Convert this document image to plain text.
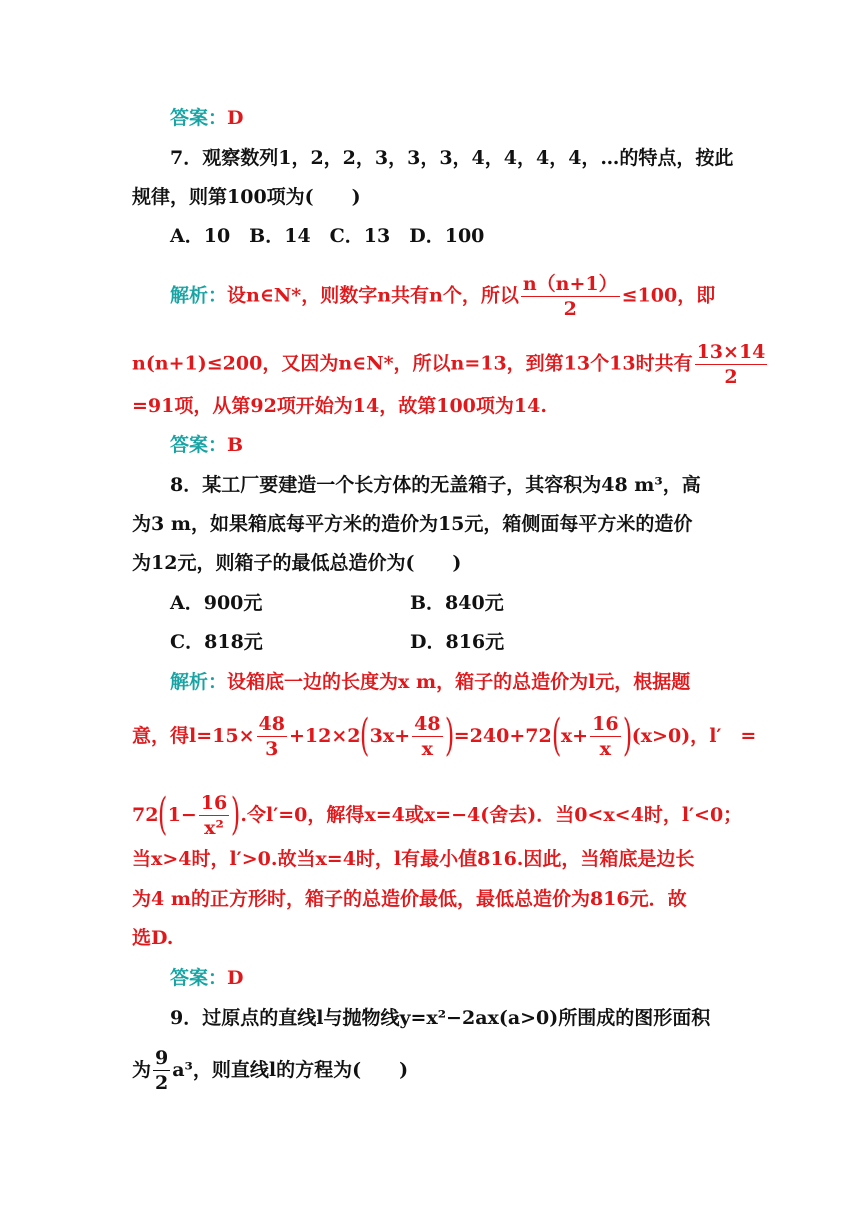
答案：D
7．观察数列1，2，2，3，3，3，4，4，4，4，…的特点，按此
规律，则第100项为(　　)
A．10　B．14　C．13　D．100
解析：设n∈N*，则数字n共有n个，所以 $\frac{n(n+1)}{2} \le 100$，即
n(n+1)≤200，又因为n∈N*，所以n=13，到第13个13时共有 $\frac{13\times 14}{2}$
=91项，从第92项开始为14，故第100项为14.
答案：B
8．某工厂要建造一个长方体的无盖箱子，其容积为48 m³，高
为3 m，如果箱底每平方米的造价为15元，箱侧面每平方米的造价
为12元，则箱子的最低总造价为(　　)
A．900元	B．840元
C．818元	D．816元
解析：设箱底一边的长度为x m，箱子的总造价为l元，根据题
意，得$l=15\times \frac{48}{3} +12\times 2$ ( $3x+ \frac{48}{x}$ ) =240+72 ( $x+ \frac{16}{x}$ ) (x>0)， l′　=
72 ( $1- \frac{16}{\text{x²}}$ ) .令l′=0，解得x=4或x=−4(舍去)．当0<x<4时，l′<0；
当x>4时，l′>0.故当x=4时，l有最小值816.因此，当箱底是边长
为4 m的正方形时，箱子的总造价最低，最低总造价为816元．故
选D.
答案：D
9．过原点的直线l与抛物线y=x²−2ax(a>0)所围成的图形面积
为 $\frac{9}{2} a^3$，则直线l的方程为(　　)
